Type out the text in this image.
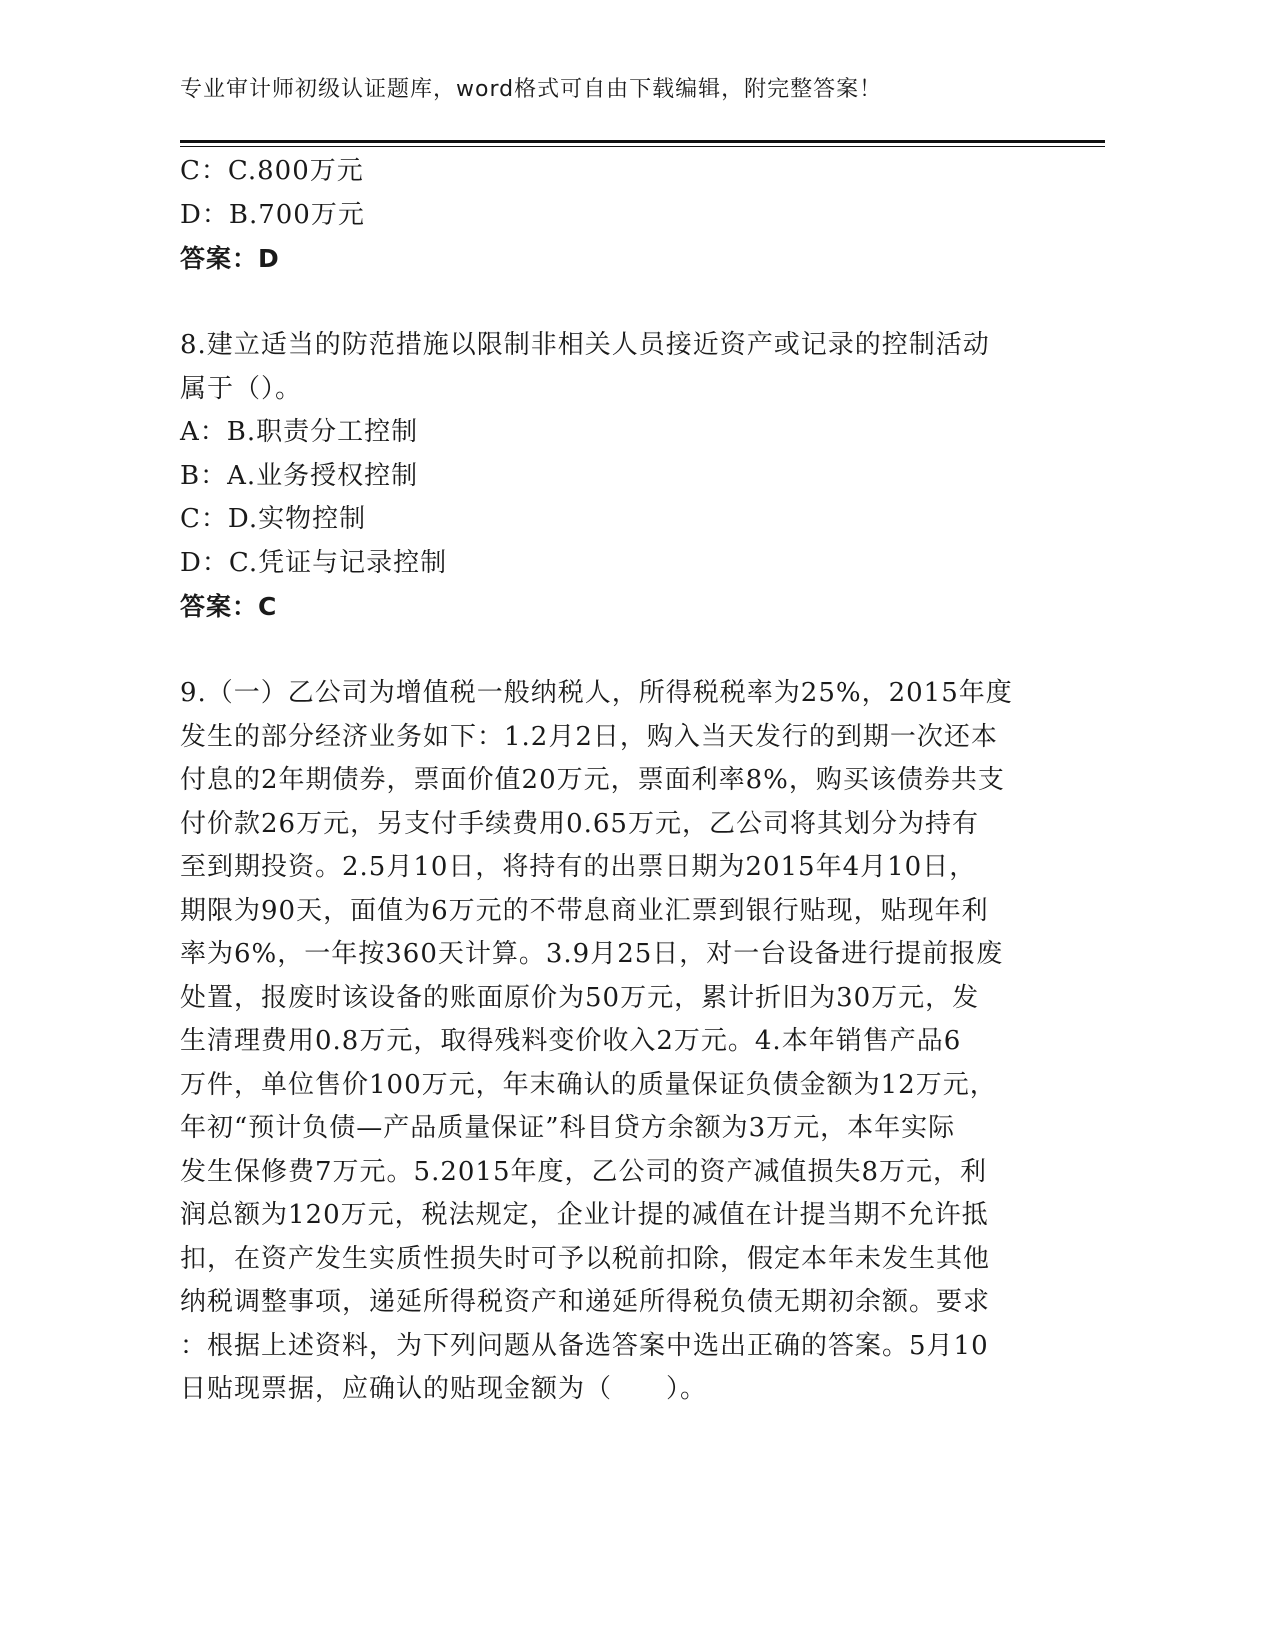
专业审计师初级认证题库，word格式可自由下载编辑，附完整答案！
C：C.800万元
D：B.700万元
答案：D
8.建立适当的防范措施以限制非相关人员接近资产或记录的控制活动
属于（）。
A：B.职责分工控制
B：A.业务授权控制
C：D.实物控制
D：C.凭证与记录控制
答案：C
9.（一）乙公司为增值税一般纳税人，所得税税率为25%，2015年度
发生的部分经济业务如下：1.2月2日，购入当天发行的到期一次还本
付息的2年期债券，票面价值20万元，票面利率8%，购买该债券共支
付价款26万元，另支付手续费用0.65万元，乙公司将其划分为持有
至到期投资。2.5月10日，将持有的出票日期为2015年4月10日，
期限为90天，面值为6万元的不带息商业汇票到银行贴现，贴现年利
率为6%，一年按360天计算。3.9月25日，对一台设备进行提前报废
处置，报废时该设备的账面原价为50万元，累计折旧为30万元，发
生清理费用0.8万元，取得残料变价收入2万元。4.本年销售产品6
万件，单位售价100万元，年末确认的质量保证负债金额为12万元，
年初“预计负债—产品质量保证”科目贷方余额为3万元，本年实际
发生保修费7万元。5.2015年度，乙公司的资产减值损失8万元，利
润总额为120万元，税法规定，企业计提的减值在计提当期不允许抵
扣，在资产发生实质性损失时可予以税前扣除，假定本年未发生其他
纳税调整事项，递延所得税资产和递延所得税负债无期初余额。要求
：根据上述资料，为下列问题从备选答案中选出正确的答案。5月10
日贴现票据，应确认的贴现金额为（　　）。
